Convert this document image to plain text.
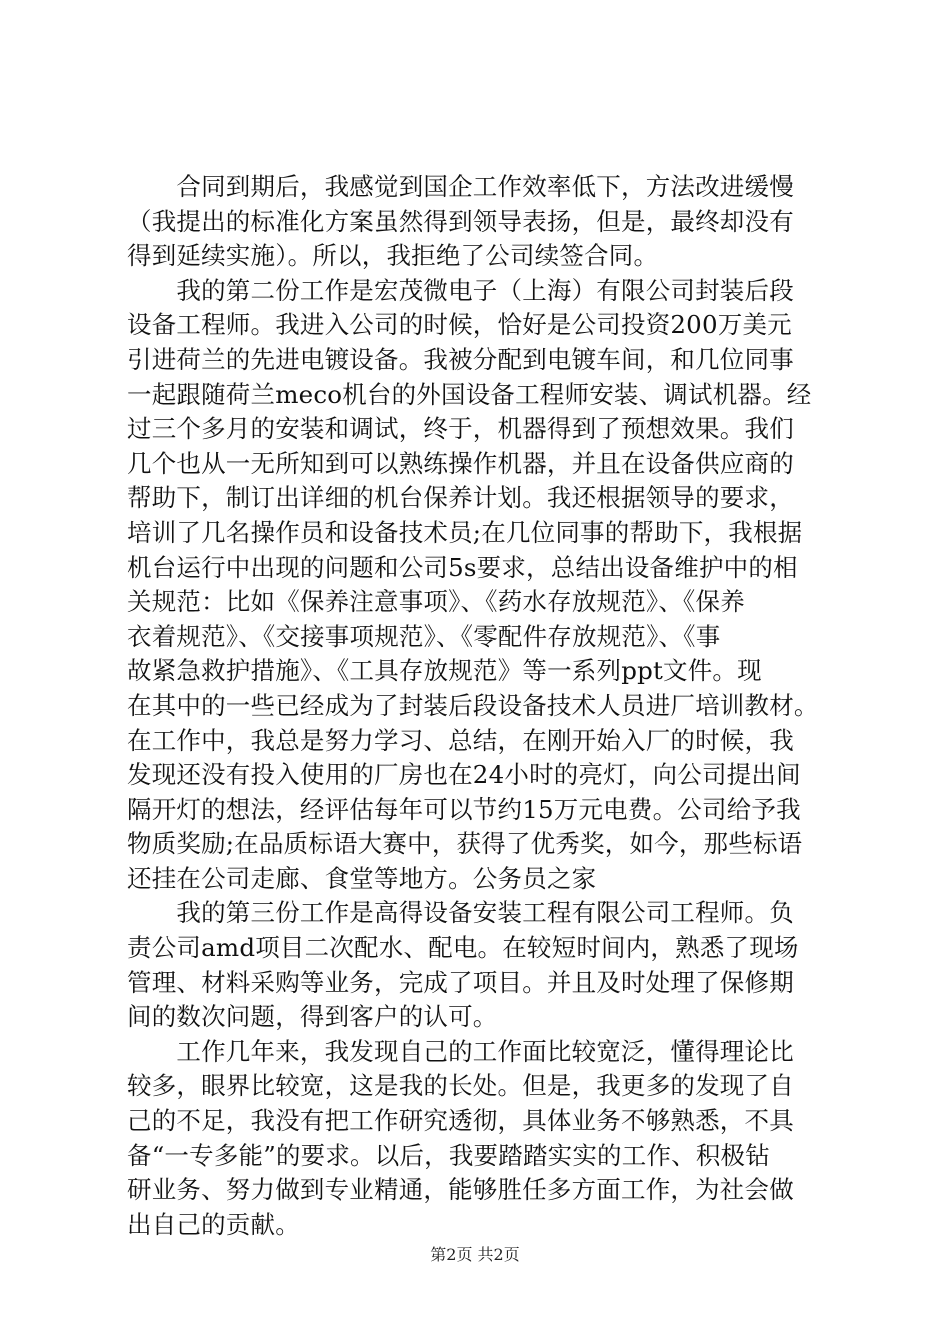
　　合同到期后，我感觉到国企工作效率低下，方法改进缓慢
（我提出的标准化方案虽然得到领导表扬，但是，最终却没有
得到延续实施）。所以，我拒绝了公司续签合同。
　　我的第二份工作是宏茂微电子（上海）有限公司封装后段
设备工程师。我进入公司的时候，恰好是公司投资200万美元
引进荷兰的先进电镀设备。我被分配到电镀车间，和几位同事
一起跟随荷兰meco机台的外国设备工程师安装、调试机器。经
过三个多月的安装和调试，终于，机器得到了预想效果。我们
几个也从一无所知到可以熟练操作机器，并且在设备供应商的
帮助下，制订出详细的机台保养计划。我还根据领导的要求，
培训了几名操作员和设备技术员;在几位同事的帮助下，我根据
机台运行中出现的问题和公司5s要求，总结出设备维护中的相
关规范：比如《保养注意事项》、《药水存放规范》、《保养
衣着规范》、《交接事项规范》、《零配件存放规范》、《事
故紧急救护措施》、《工具存放规范》等一系列ppt文件。现
在其中的一些已经成为了封装后段设备技术人员进厂培训教材。
在工作中，我总是努力学习、总结，在刚开始入厂的时候，我
发现还没有投入使用的厂房也在24小时的亮灯，向公司提出间
隔开灯的想法，经评估每年可以节约15万元电费。公司给予我
物质奖励;在品质标语大赛中，获得了优秀奖，如今，那些标语
还挂在公司走廊、食堂等地方。公务员之家
　　我的第三份工作是高得设备安装工程有限公司工程师。负
责公司amd项目二次配水、配电。在较短时间内，熟悉了现场
管理、材料采购等业务，完成了项目。并且及时处理了保修期
间的数次问题，得到客户的认可。
　　工作几年来，我发现自己的工作面比较宽泛，懂得理论比
较多，眼界比较宽，这是我的长处。但是，我更多的发现了自
己的不足，我没有把工作研究透彻，具体业务不够熟悉，不具
备“一专多能”的要求。以后，我要踏踏实实的工作、积极钻
研业务、努力做到专业精通，能够胜任多方面工作，为社会做
出自己的贡献。
第2页 共2页
